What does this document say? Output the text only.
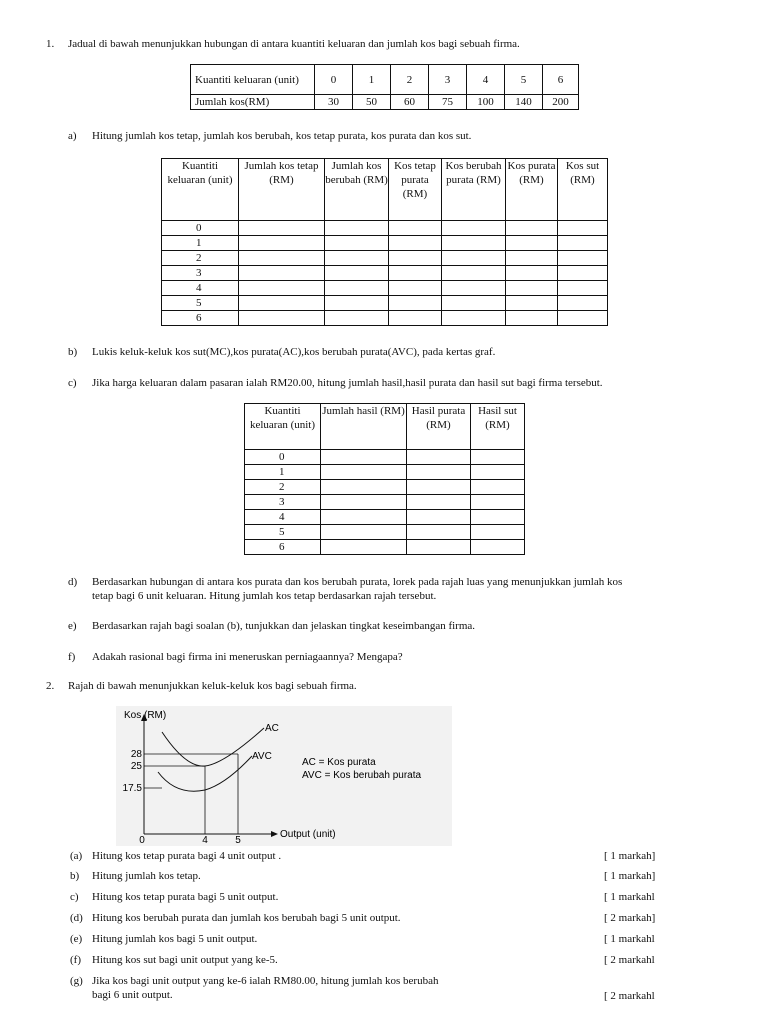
1. Jadual di bawah menunjukkan hubungan di antara kuantiti keluaran dan jumlah kos bagi sebuah firma.
Kuantiti keluaran (unit)	0	1	2	3	4	5	6
Jumlah kos(RM)	30	50	60	75	100	140	200
a) Hitung jumlah kos tetap, jumlah kos berubah, kos tetap purata, kos purata dan kos sut.
Kuantiti keluaran (unit)	Jumlah kos tetap (RM)	Jumlah kos berubah (RM)	Kos tetap purata (RM)	Kos berubah purata (RM)	Kos purata (RM)	Kos sut (RM)
0						
1						
2						
3						
4						
5						
6						
b) Lukis keluk-keluk kos sut(MC),kos purata(AC),kos berubah purata(AVC), pada kertas graf.
c) Jika harga keluaran dalam pasaran ialah RM20.00, hitung jumlah hasil,hasil purata dan hasil sut bagi firma tersebut.
Kuantiti keluaran (unit)	Jumlah hasil (RM)	Hasil purata (RM)	Hasil sut (RM)
0			
1			
2			
3			
4			
5			
6			
d) Berdasarkan hubungan di antara kos purata dan kos berubah purata, lorek pada rajah luas yang menunjukkan jumlah kos
tetap bagi 6 unit keluaran. Hitung jumlah kos tetap berdasarkan rajah tersebut.
e) Berdasarkan rajah bagi soalan (b), tunjukkan dan jelaskan tingkat keseimbangan firma.
f) Adakah rasional bagi firma ini meneruskan perniagaannya? Mengapa?
2. Rajah di bawah menunjukkan keluk-keluk kos bagi sebuah firma.
Kos (RM)
AC
AVC
28
25
17.5
0	4	5
Output (unit)
AC = Kos purata
AVC = Kos berubah purata
(a) Hitung kos tetap purata bagi 4 unit output .	[ 1 markah]
b) Hitung jumlah kos tetap.	[ 1 markah]
c) Hitung kos tetap purata bagi 5 unit output.	[ 1 markahl
(d) Hitung kos berubah purata dan jumlah kos berubah bagi 5 unit output.	[ 2 markah]
(e) Hitung jumlah kos bagi 5 unit output.	[ 1 markahl
(f) Hitung kos sut bagi unit output yang ke-5.	[ 2 markahl
(g) Jika kos bagi unit output yang ke-6 ialah RM80.00, hitung jumlah kos berubah
bagi 6 unit output.	[ 2 markahl
